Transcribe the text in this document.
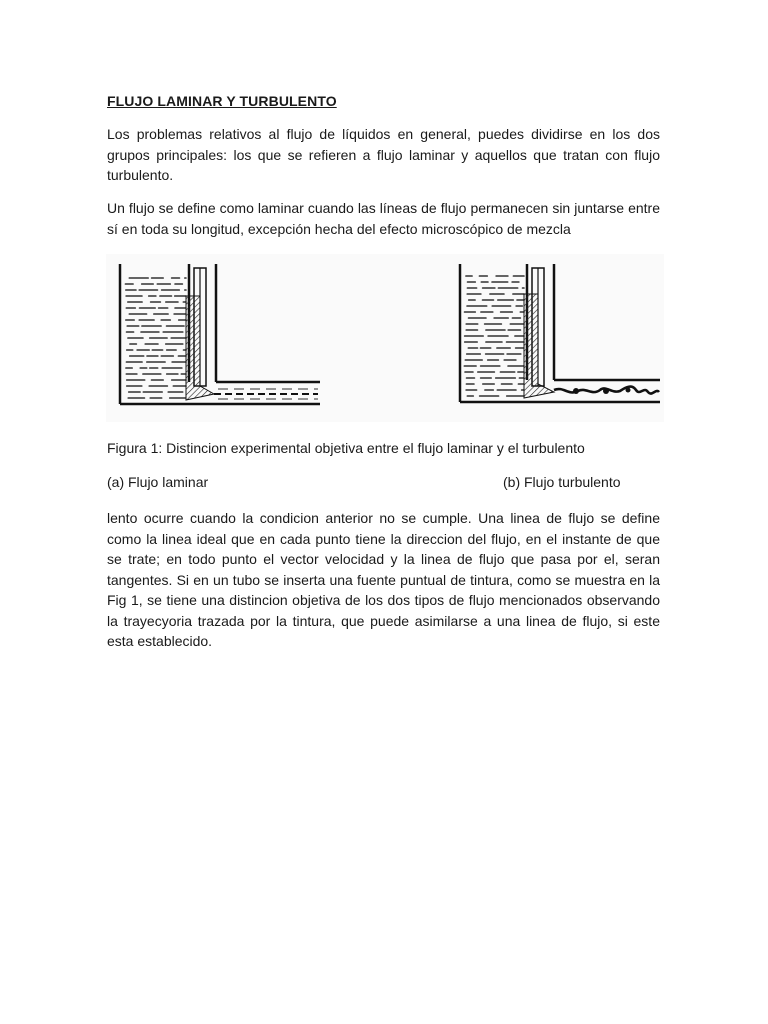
FLUJO LAMINAR Y TURBULENTO

Los problemas relativos al flujo de líquidos en general, puedes dividirse en los dos grupos principales: los que se refieren a flujo laminar y aquellos que tratan con flujo turbulento.

Un flujo se define como laminar cuando las líneas de flujo permanecen sin juntarse entre sí en toda su longitud, excepción hecha del efecto microscópico de mezcla

Figura 1: Distincion experimental objetiva entre el flujo laminar y el turbulento
(a) Flujo laminar	(b) Flujo turbulento

lento ocurre cuando la condicion anterior no se cumple. Una linea de flujo se define como la linea ideal que en cada punto tiene la direccion del flujo, en el instante de que se trate; en todo punto el vector velocidad y la linea de flujo que pasa por el, seran tangentes. Si en un tubo se inserta una fuente puntual de tintura, como se muestra en la Fig 1, se tiene una distincion objetiva de los dos tipos de flujo mencionados observando la trayecyoria trazada por la tintura, que puede asimilarse a una linea de flujo, si este esta establecido.
